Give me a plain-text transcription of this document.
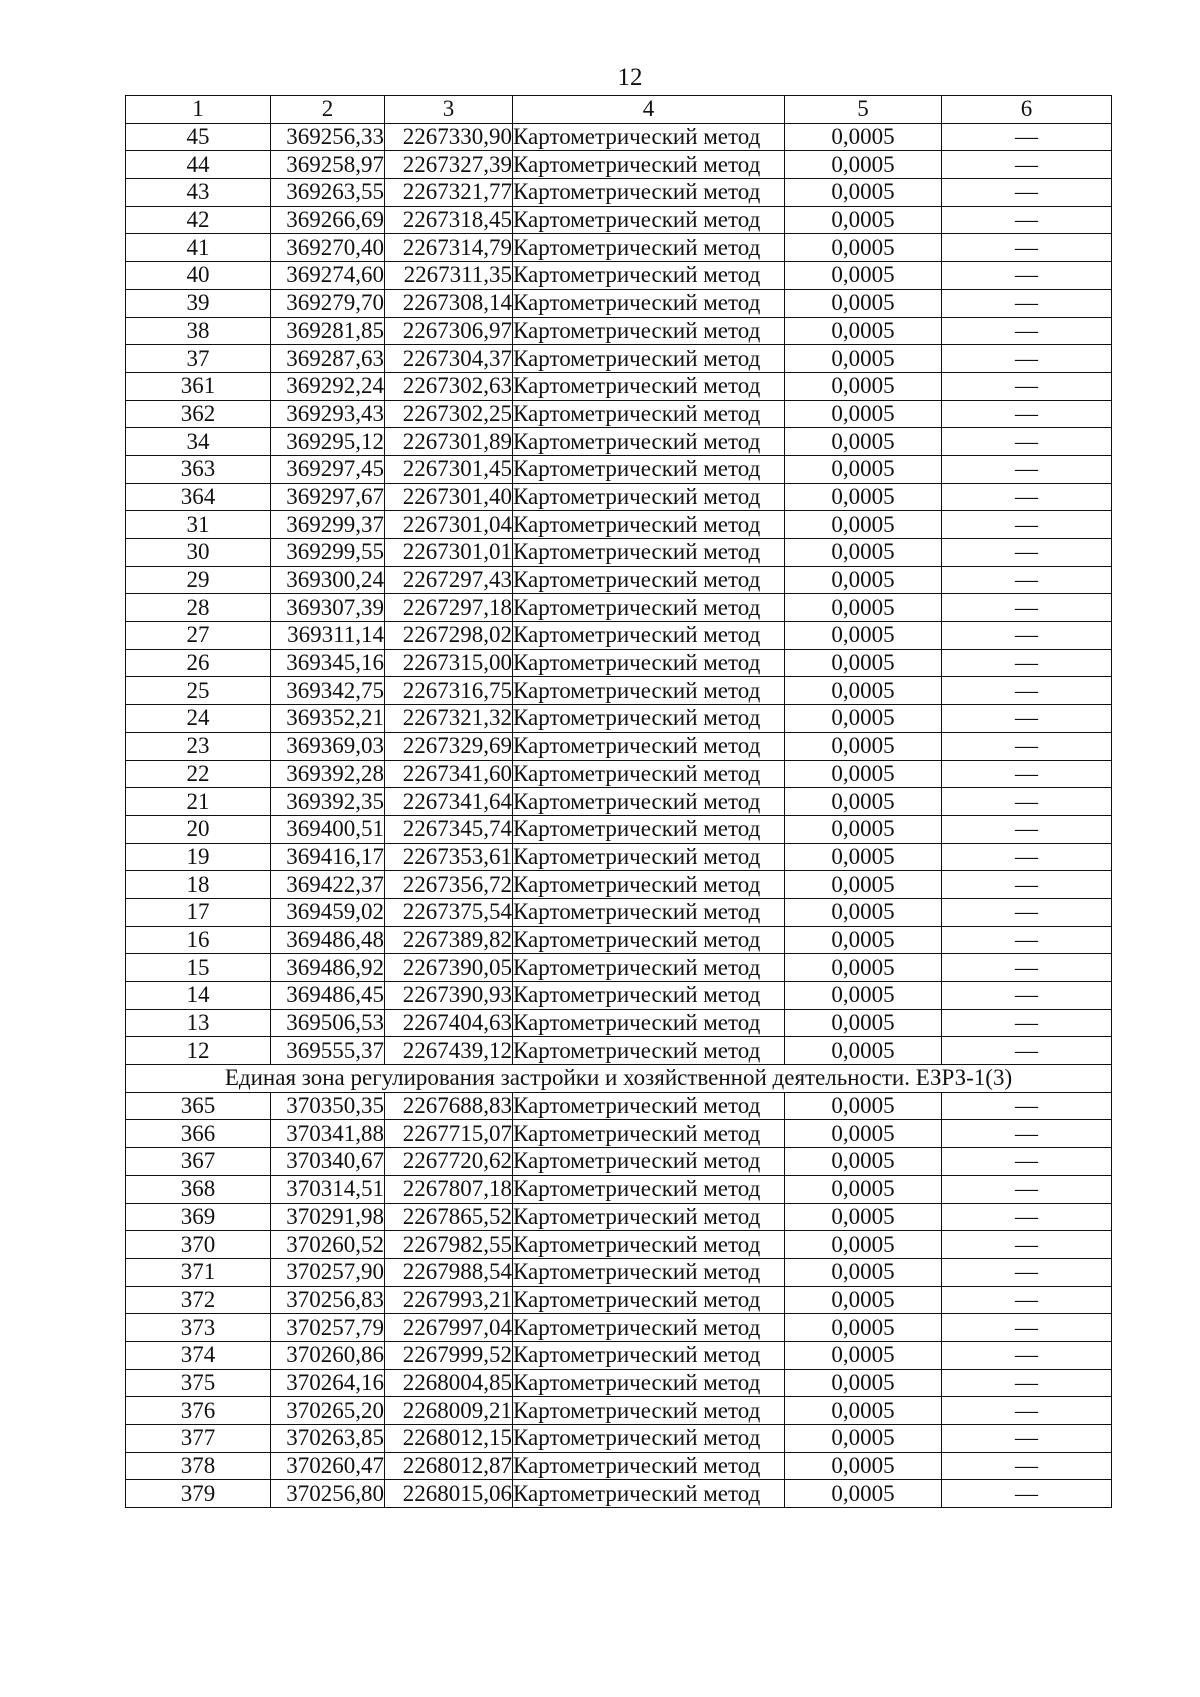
12
1	2	3	4	5	6
45	369256,33	2267330,90	Картометрический метод	0,0005	—
44	369258,97	2267327,39	Картометрический метод	0,0005	—
43	369263,55	2267321,77	Картометрический метод	0,0005	—
42	369266,69	2267318,45	Картометрический метод	0,0005	—
41	369270,40	2267314,79	Картометрический метод	0,0005	—
40	369274,60	2267311,35	Картометрический метод	0,0005	—
39	369279,70	2267308,14	Картометрический метод	0,0005	—
38	369281,85	2267306,97	Картометрический метод	0,0005	—
37	369287,63	2267304,37	Картометрический метод	0,0005	—
361	369292,24	2267302,63	Картометрический метод	0,0005	—
362	369293,43	2267302,25	Картометрический метод	0,0005	—
34	369295,12	2267301,89	Картометрический метод	0,0005	—
363	369297,45	2267301,45	Картометрический метод	0,0005	—
364	369297,67	2267301,40	Картометрический метод	0,0005	—
31	369299,37	2267301,04	Картометрический метод	0,0005	—
30	369299,55	2267301,01	Картометрический метод	0,0005	—
29	369300,24	2267297,43	Картометрический метод	0,0005	—
28	369307,39	2267297,18	Картометрический метод	0,0005	—
27	369311,14	2267298,02	Картометрический метод	0,0005	—
26	369345,16	2267315,00	Картометрический метод	0,0005	—
25	369342,75	2267316,75	Картометрический метод	0,0005	—
24	369352,21	2267321,32	Картометрический метод	0,0005	—
23	369369,03	2267329,69	Картометрический метод	0,0005	—
22	369392,28	2267341,60	Картометрический метод	0,0005	—
21	369392,35	2267341,64	Картометрический метод	0,0005	—
20	369400,51	2267345,74	Картометрический метод	0,0005	—
19	369416,17	2267353,61	Картометрический метод	0,0005	—
18	369422,37	2267356,72	Картометрический метод	0,0005	—
17	369459,02	2267375,54	Картометрический метод	0,0005	—
16	369486,48	2267389,82	Картометрический метод	0,0005	—
15	369486,92	2267390,05	Картометрический метод	0,0005	—
14	369486,45	2267390,93	Картометрический метод	0,0005	—
13	369506,53	2267404,63	Картометрический метод	0,0005	—
12	369555,37	2267439,12	Картометрический метод	0,0005	—
Единая зона регулирования застройки и хозяйственной деятельности. ЕЗРЗ-1(3)					
365	370350,35	2267688,83	Картометрический метод	0,0005	—
366	370341,88	2267715,07	Картометрический метод	0,0005	—
367	370340,67	2267720,62	Картометрический метод	0,0005	—
368	370314,51	2267807,18	Картометрический метод	0,0005	—
369	370291,98	2267865,52	Картометрический метод	0,0005	—
370	370260,52	2267982,55	Картометрический метод	0,0005	—
371	370257,90	2267988,54	Картометрический метод	0,0005	—
372	370256,83	2267993,21	Картометрический метод	0,0005	—
373	370257,79	2267997,04	Картометрический метод	0,0005	—
374	370260,86	2267999,52	Картометрический метод	0,0005	—
375	370264,16	2268004,85	Картометрический метод	0,0005	—
376	370265,20	2268009,21	Картометрический метод	0,0005	—
377	370263,85	2268012,15	Картометрический метод	0,0005	—
378	370260,47	2268012,87	Картометрический метод	0,0005	—
379	370256,80	2268015,06	Картометрический метод	0,0005	—
